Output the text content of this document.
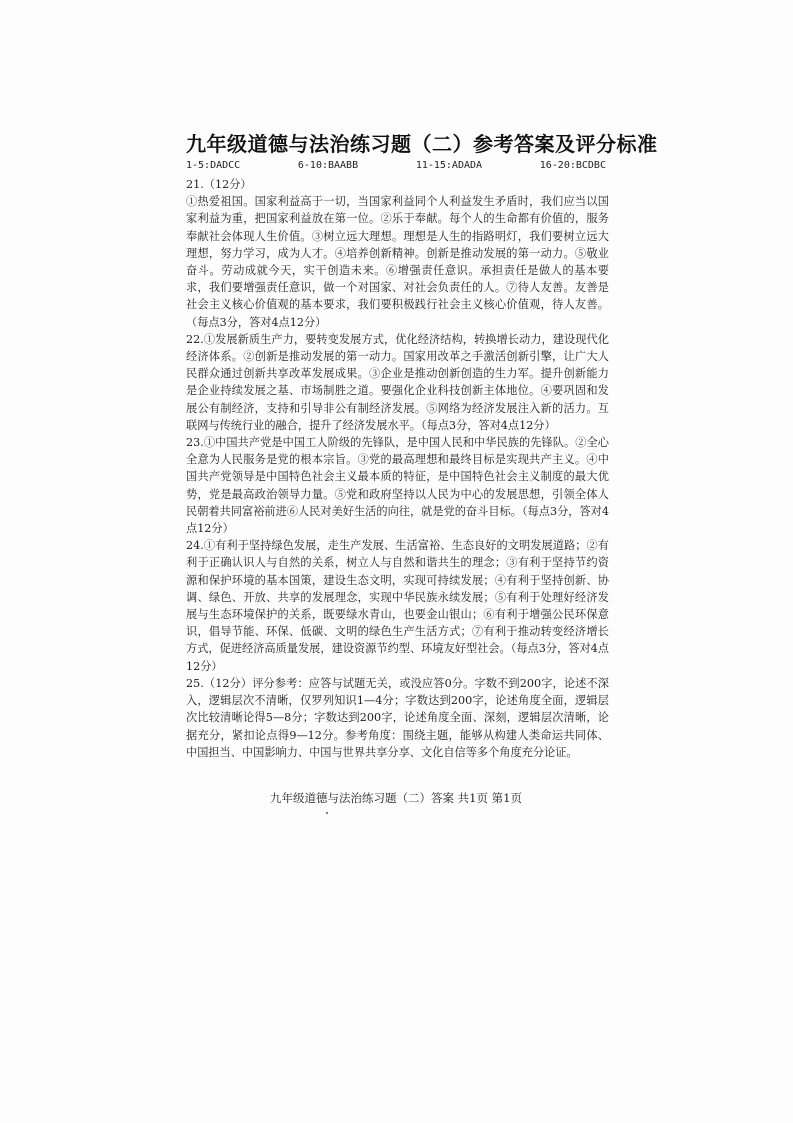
九年级道德与法治练习题（二）参考答案及评分标准
1-5:DADCC	6-10:BAABB	11-15:ADADA	16-20:BCDBC

21.（12分）

①热爱祖国。国家利益高于一切，当国家利益同个人利益发生矛盾时，我们应当以国家利益为重，把国家利益放在第一位。②乐于奉献。每个人的生命都有价值的，服务奉献社会体现人生价值。③树立远大理想。理想是人生的指路明灯，我们要树立远大理想，努力学习，成为人才。④培养创新精神。创新是推动发展的第一动力。⑤敬业奋斗。劳动成就今天，实干创造未来。⑥增强责任意识。承担责任是做人的基本要求，我们要增强责任意识，做一个对国家、对社会负责任的人。⑦待人友善。友善是社会主义核心价值观的基本要求，我们要积极践行社会主义核心价值观，待人友善。（每点3分，答对4点12分）

22.①发展新质生产力，要转变发展方式，优化经济结构，转换增长动力，建设现代化经济体系。②创新是推动发展的第一动力。国家用改革之手激活创新引擎，让广大人民群众通过创新共享改革发展成果。③企业是推动创新创造的生力军。提升创新能力是企业持续发展之基、市场制胜之道。要强化企业科技创新主体地位。④要巩固和发展公有制经济，支持和引导非公有制经济发展。⑤网络为经济发展注入新的活力。互联网与传统行业的融合，提升了经济发展水平。（每点3分，答对4点12分）

23.①中国共产党是中国工人阶级的先锋队，是中国人民和中华民族的先锋队。②全心全意为人民服务是党的根本宗旨。③党的最高理想和最终目标是实现共产主义。④中国共产党领导是中国特色社会主义最本质的特征，是中国特色社会主义制度的最大优势，党是最高政治领导力量。⑤党和政府坚持以人民为中心的发展思想，引领全体人民朝着共同富裕前进⑥人民对美好生活的向往，就是党的奋斗目标。（每点3分，答对4点12分）

24.①有利于坚持绿色发展，走生产发展、生活富裕、生态良好的文明发展道路；②有利于正确认识人与自然的关系，树立人与自然和谐共生的理念；③有利于坚持节约资源和保护环境的基本国策，建设生态文明，实现可持续发展；④有利于坚持创新、协调、绿色、开放、共享的发展理念，实现中华民族永续发展；⑤有利于处理好经济发展与生态环境保护的关系，既要绿水青山，也要金山银山；⑥有利于增强公民环保意识，倡导节能、环保、低碳、文明的绿色生产生活方式；⑦有利于推动转变经济增长方式，促进经济高质量发展，建设资源节约型、环境友好型社会。（每点3分，答对4点12分）

25.（12分）评分参考：应答与试题无关，或没应答0分。字数不到200字，论述不深入，逻辑层次不清晰，仅罗列知识1—4分；字数达到200字，论述角度全面，逻辑层次比较清晰论得5—8分；字数达到200字，论述角度全面、深刻，逻辑层次清晰，论据充分，紧扣论点得9—12分。参考角度：围绕主题，能够从构建人类命运共同体、中国担当、中国影响力、中国与世界共享分享、文化自信等多个角度充分论证。

九年级道德与法治练习题（二）答案 共1页 第1页
